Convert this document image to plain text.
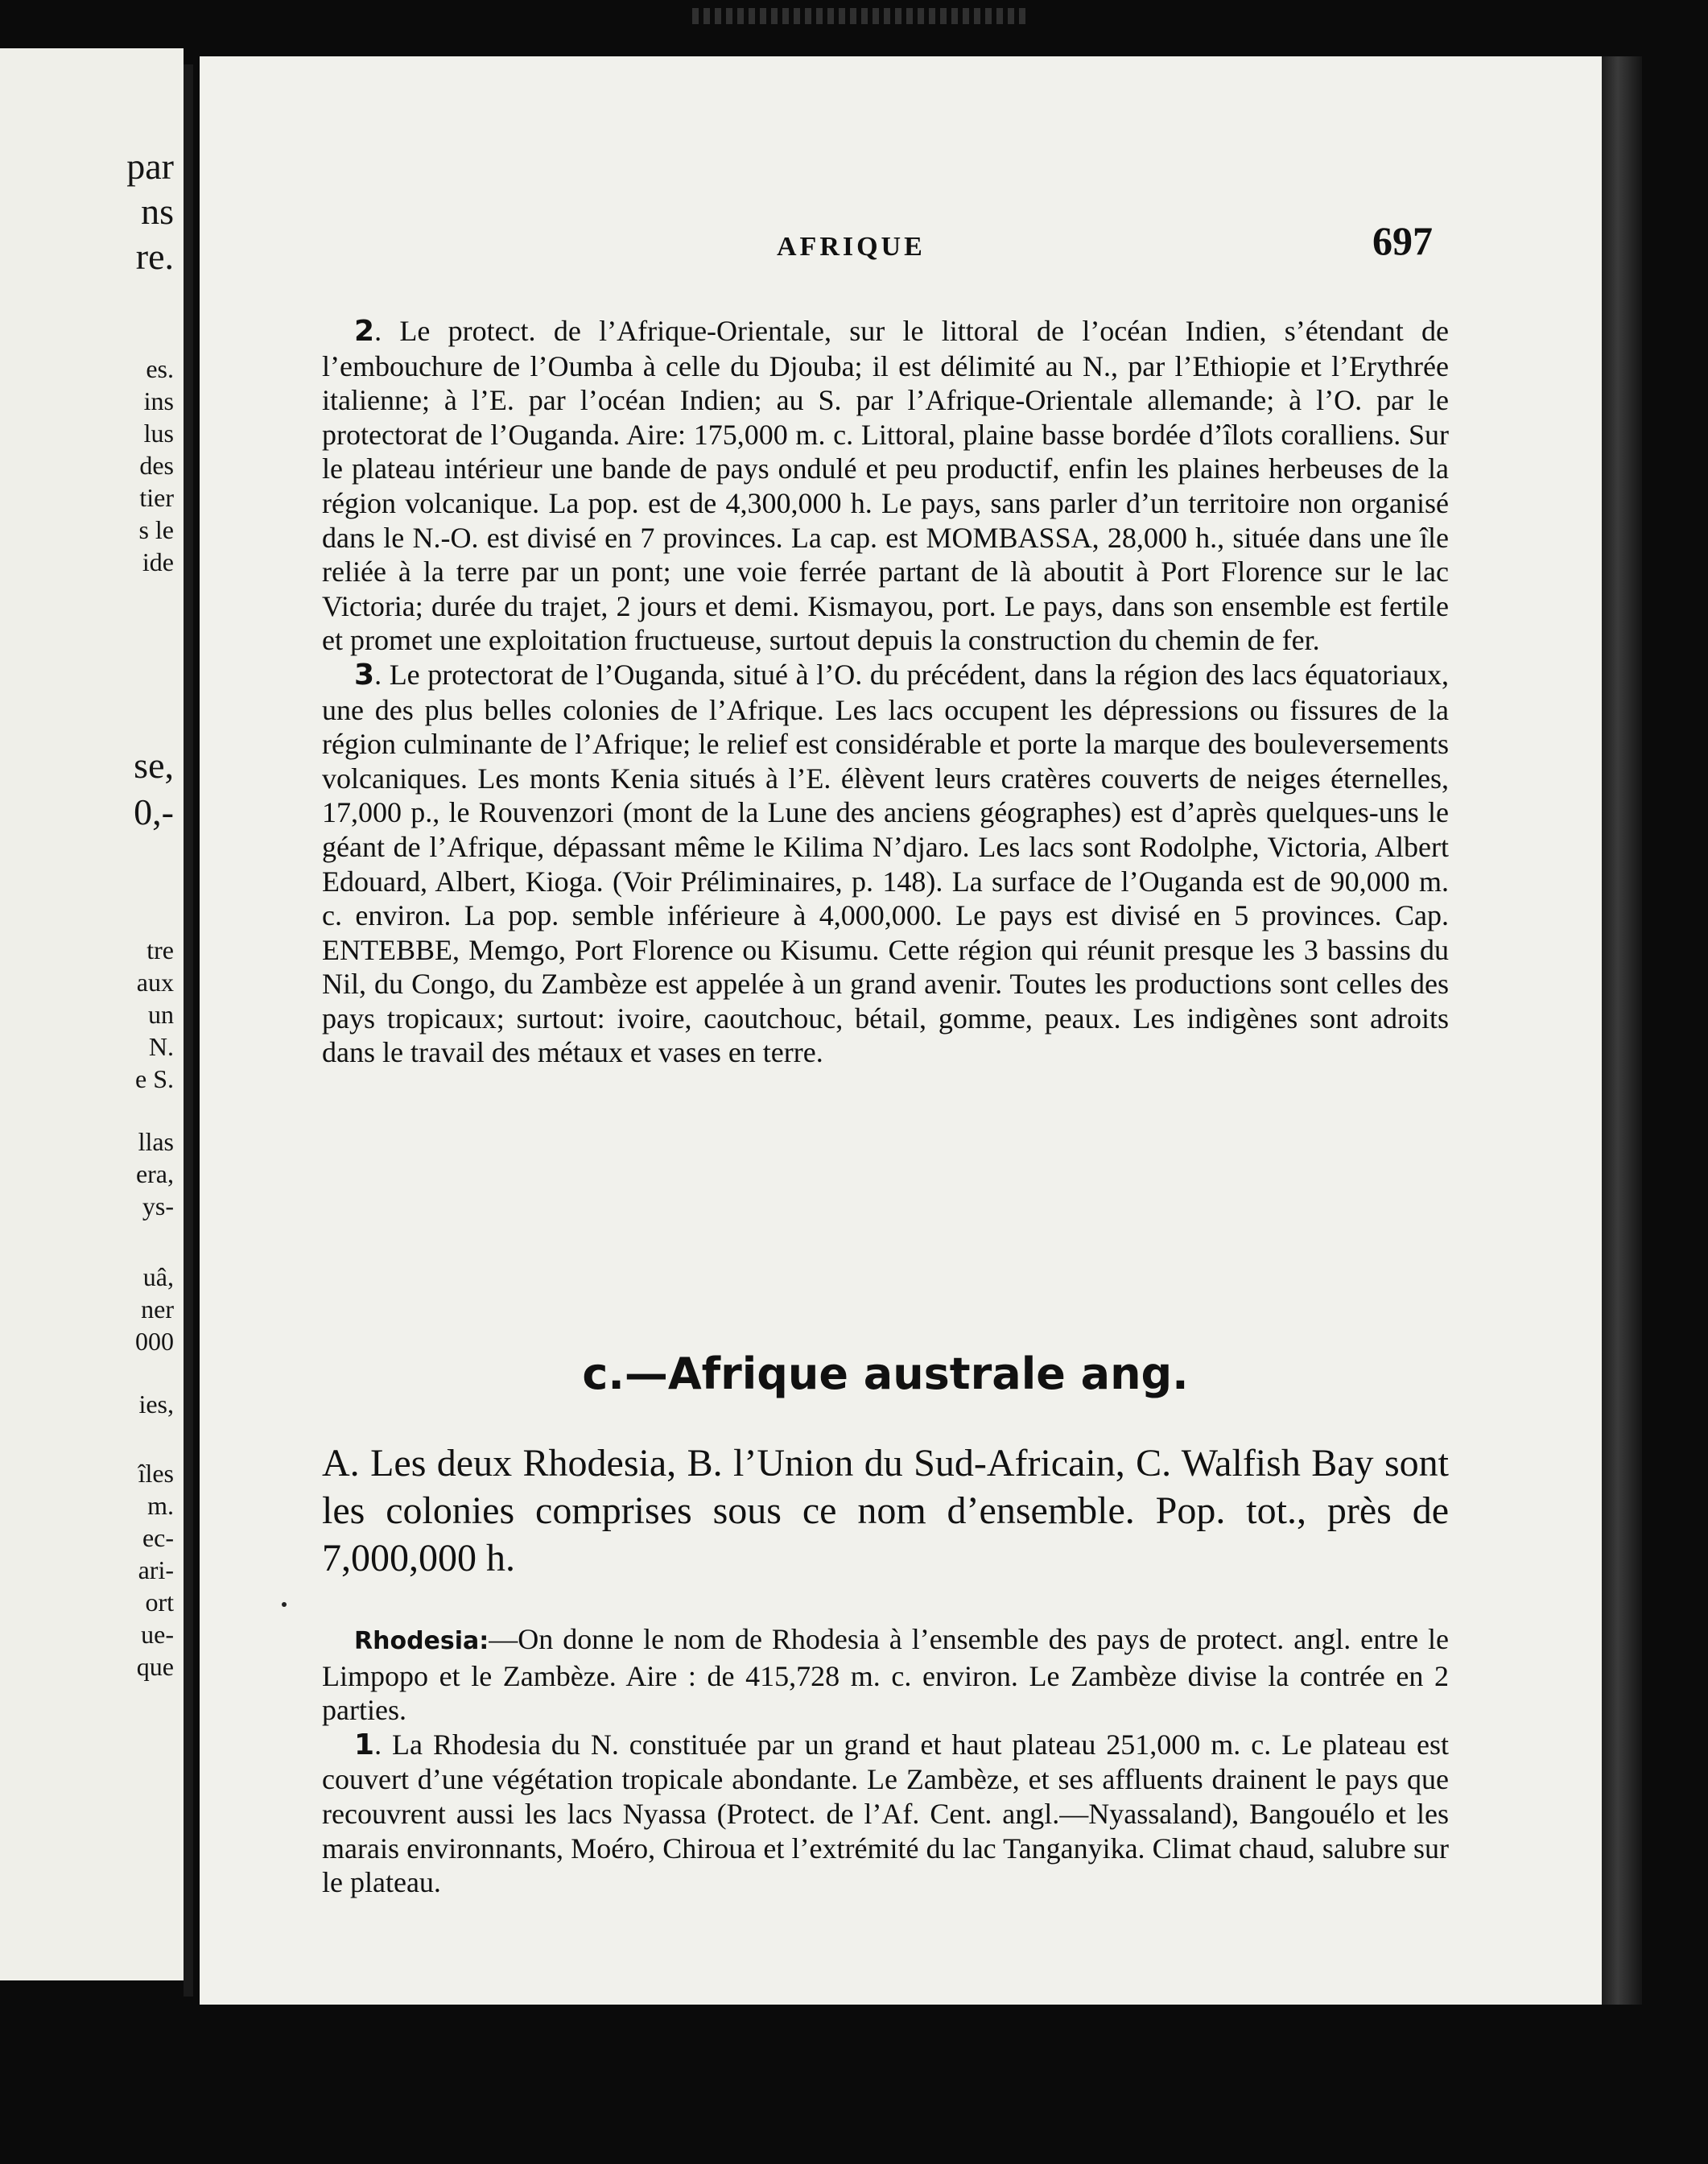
par
ns
re.
es.
ins
lus
des
tier
s le
ide
se,
0,-
tre
aux
un
N.
e S.
llas
era,
ys-
uâ,
ner
000
ies,
îles
m.
ec-
ari-
ort
ue-
que
AFRIQUE	697

2. Le protect. de l’Afrique-Orientale, sur le littoral de l’océan Indien, s’étendant de l’embouchure de l’Oumba à celle du Djouba; il est délimité au N., par l’Ethiopie et l’Erythrée italienne; à l’E. par l’océan Indien; au S. par l’Afrique-Orientale allemande; à l’O. par le protectorat de l’Ouganda. Aire: 175,000 m. c. Littoral, plaine basse bordée d’îlots coralliens. Sur le plateau intérieur une bande de pays ondulé et peu productif, enfin les plaines herbeuses de la région volcanique. La pop. est de 4,300,000 h. Le pays, sans parler d’un territoire non organisé dans le N.-O. est divisé en 7 provinces. La cap. est MOMBASSA, 28,000 h., située dans une île reliée à la terre par un pont; une voie ferrée partant de là aboutit à Port Florence sur le lac Victoria; durée du trajet, 2 jours et demi. Kismayou, port. Le pays, dans son ensemble est fertile et promet une exploitation fructueuse, surtout depuis la construction du chemin de fer.

3. Le protectorat de l’Ouganda, situé à l’O. du précédent, dans la région des lacs équatoriaux, une des plus belles colonies de l’Afrique. Les lacs occupent les dépressions ou fissures de la région culminante de l’Afrique; le relief est considérable et porte la marque des bouleversements volcaniques. Les monts Kenia situés à l’E. élèvent leurs cratères couverts de neiges éternelles, 17,000 p., le Rouvenzori (mont de la Lune des anciens géographes) est d’après quelques-uns le géant de l’Afrique, dépassant même le Kilima N’djaro. Les lacs sont Rodolphe, Victoria, Albert Edouard, Albert, Kioga. (Voir Préliminaires, p. 148). La surface de l’Ouganda est de 90,000 m. c. environ. La pop. semble inférieure à 4,000,000. Le pays est divisé en 5 provinces. Cap. ENTEBBE, Memgo, Port Florence ou Kisumu. Cette région qui réunit presque les 3 bassins du Nil, du Congo, du Zambèze est appelée à un grand avenir. Toutes les productions sont celles des pays tropicaux; surtout: ivoire, caoutchouc, bétail, gomme, peaux. Les indigènes sont adroits dans le travail des métaux et vases en terre.

c.—Afrique australe ang.
A. Les deux Rhodesia, B. l’Union du Sud-Africain, C. Walfish Bay sont les colonies comprises sous ce nom d’ensemble. Pop. tot., près de 7,000,000 h.

Rhodesia:—On donne le nom de Rhodesia à l’ensemble des pays de protect. angl. entre le Limpopo et le Zambèze. Aire : de 415,728 m. c. environ. Le Zambèze divise la contrée en 2 parties.

1. La Rhodesia du N. constituée par un grand et haut plateau 251,000 m. c. Le plateau est couvert d’une végétation tropicale abondante. Le Zambèze, et ses affluents drainent le pays que recouvrent aussi les lacs Nyassa (Protect. de l’Af. Cent. angl.—Nyassaland), Bangouélo et les marais environnants, Moéro, Chiroua et l’extrémité du lac Tanganyika. Climat chaud, salubre sur le plateau.
